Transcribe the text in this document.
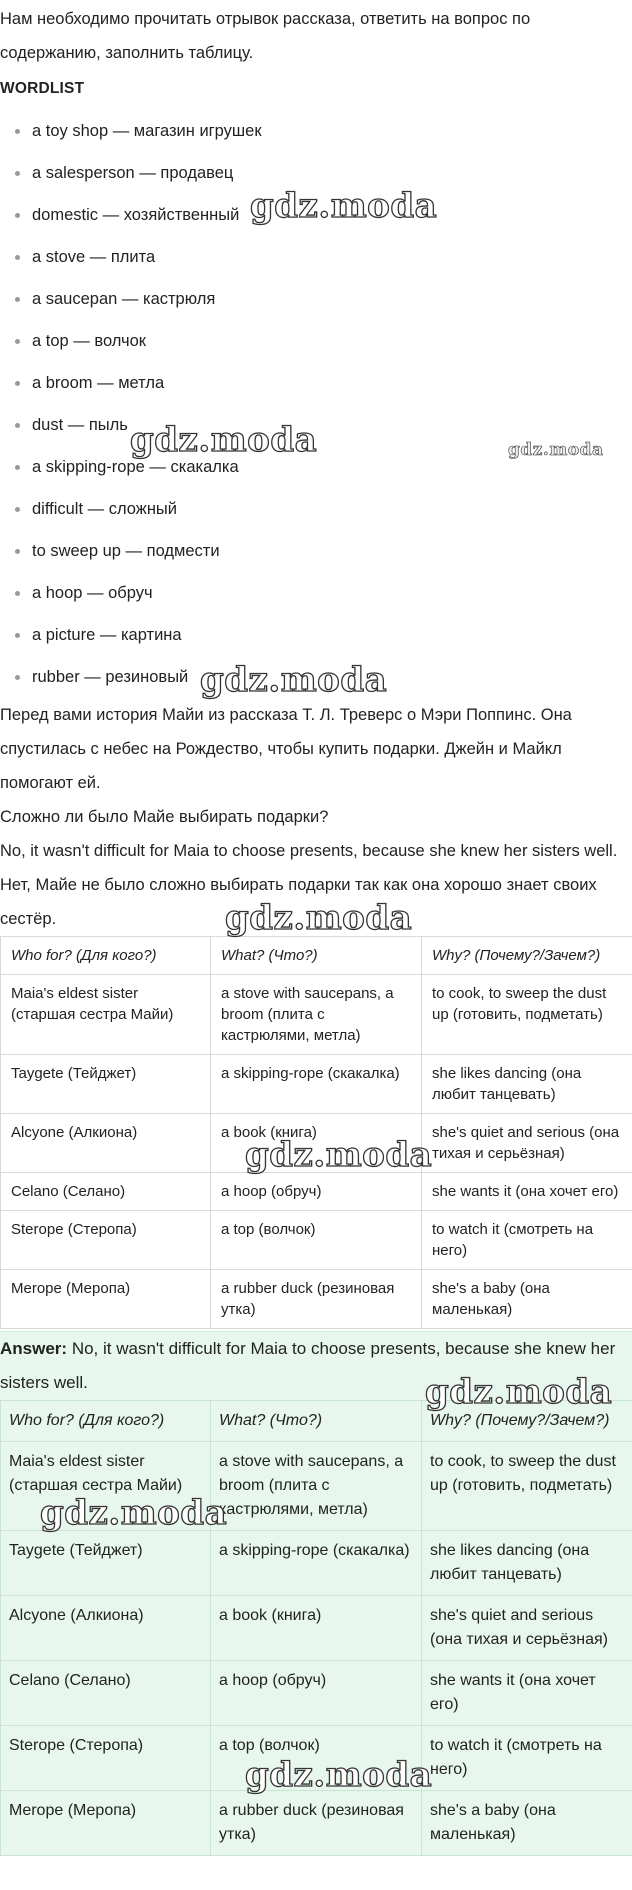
Нам необходимо прочитать отрывок рассказа, ответить на вопрос по содержанию, заполнить таблицу.

WORDLIST
a toy shop — магазин игрушек
a salesperson — продавец
domestic — хозяйственный
a stove — плита
a saucepan — кастрюля
a top — волчок
a broom — метла
dust — пыль
a skipping-rope — скакалка
difficult — сложный
to sweep up — подмести
a hoop — обруч
a picture — картина
rubber — резиновый

Перед вами история Майи из рассказа Т. Л. Треверс о Мэри Поппинс. Она спустилась с небес на Рождество, чтобы купить подарки. Джейн и Майкл помогают ей.

Сложно ли было Майе выбирать подарки?

No, it wasn't difficult for Maia to choose presents, because she knew her sisters well. Нет, Майе не было сложно выбирать подарки так как она хорошо знает своих сестёр.

Who for? (Для кого?)	What? (Что?)	Why? (Почему?/Зачем?)
Maia's eldest sister (старшая сестра Майи)	a stove with saucepans, a broom (плита с кастрюлями, метла)	to cook, to sweep the dust up (готовить, подметать)
Taygete (Тейджет)	a skipping-rope (скакалка)	she likes dancing (она любит танцевать)
Alcyone (Алкиона)	a book (книга)	she's quiet and serious (она тихая и серьёзная)
Celano (Селано)	a hoop (обруч)	she wants it (она хочет его)
Sterope (Стеропа)	a top (волчок)	to watch it (смотреть на него)
Merope (Меропа)	a rubber duck (резиновая утка)	she's a baby (она маленькая)

Answer: No, it wasn't difficult for Maia to choose presents, because she knew her sisters well.

Who for? (Для кого?)	What? (Что?)	Why? (Почему?/Зачем?)
Maia's eldest sister (старшая сестра Майи)	a stove with saucepans, a broom (плита с кастрюлями, метла)	to cook, to sweep the dust up (готовить, подметать)
Taygete (Тейджет)	a skipping-rope (скакалка)	she likes dancing (она любит танцевать)
Alcyone (Алкиона)	a book (книга)	she's quiet and serious (она тихая и серьёзная)
Celano (Селано)	a hoop (обруч)	she wants it (она хочет его)
Sterope (Стеропа)	a top (волчок)	to watch it (смотреть на него)
Merope (Меропа)	a rubber duck (резиновая утка)	she's a baby (она маленькая)
gdz.moda
gdz.moda	gdz.moda
gdz.moda
gdz.moda
gdz.moda
gdz.moda
gdz.moda
gdz.moda
